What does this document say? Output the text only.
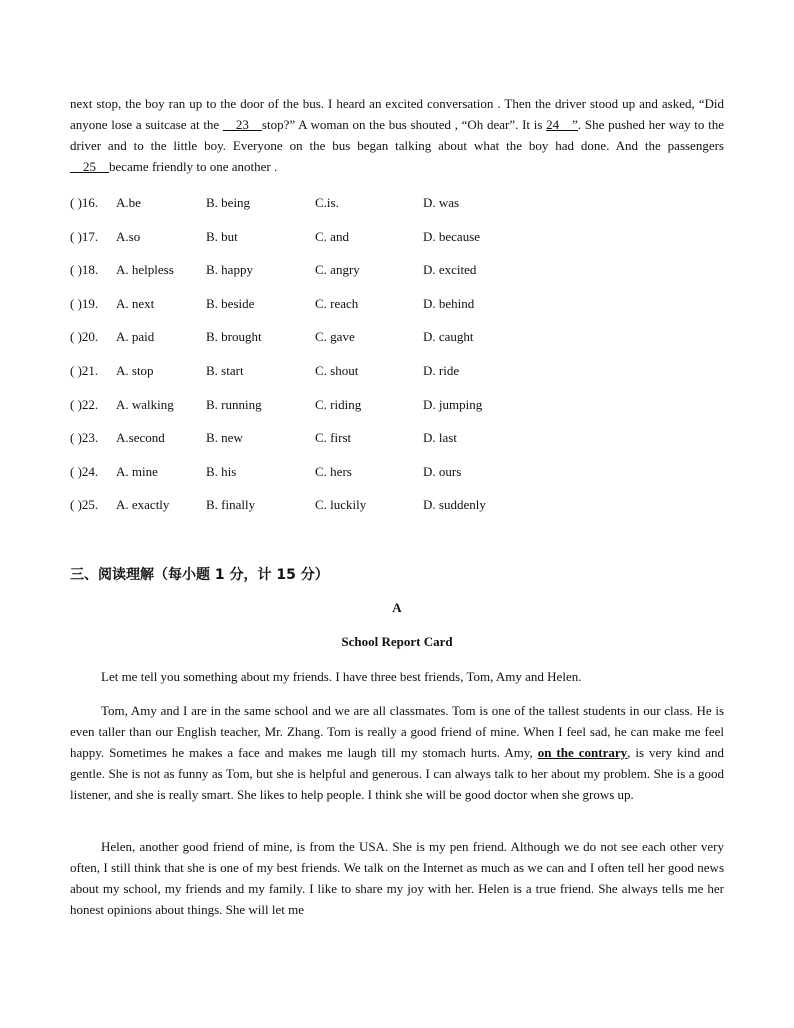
next stop, the boy ran up to the door of the bus. I heard an excited conversation . Then the driver stood up and asked, “Did anyone lose a suitcase at the __23__stop?” A woman on the bus shouted , “Oh dear”. It is 24__”. She pushed her way to the driver and to the little boy. Everyone on the bus began talking about what the boy had done. And the passengers __25__became friendly to one another .
( )16. A.be	B. being	C.is.	D. was
( )17. A.so	B. but	C. and	D. because
( )18. A. helpless B. happy	C. angry	D. excited
( )19. A. next	B. beside	C. reach	D. behind
( )20. A. paid	B. brought	C. gave	D. caught
( )21. A. stop	B. start	C. shout	D. ride
( )22. A. walking B. running	C. riding	D. jumping
( )23. A.second	B. new	C. first	D. last
( )24. A. mine	B. his	C. hers	D. ours
( )25. A. exactly	B. finally	C. luckily	D. suddenly
三、阅读理解（每小题 1 分，计 15 分）
A
School Report Card
Let me tell you something about my friends. I have three best friends, Tom, Amy and Helen.
Tom, Amy and I are in the same school and we are all classmates. Tom is one of the tallest students in our class. He is even taller than our English teacher, Mr. Zhang. Tom is really a good friend of mine. When I feel sad, he can make me feel happy. Sometimes he makes a face and makes me laugh till my stomach hurts. Amy, on the contrary, is very kind and gentle. She is not as funny as Tom, but she is helpful and generous. I can always talk to her about my problem. She is a good listener, and she is really smart. She likes to help people. I think she will be good doctor when she grows up.
Helen, another good friend of mine, is from the USA. She is my pen friend. Although we do not see each other very often, I still think that she is one of my best friends. We talk on the Internet as much as we can and I often tell her good news about my school, my friends and my family. I like to share my joy with her. Helen is a true friend. She always tells me her honest opinions about things. She will let me
